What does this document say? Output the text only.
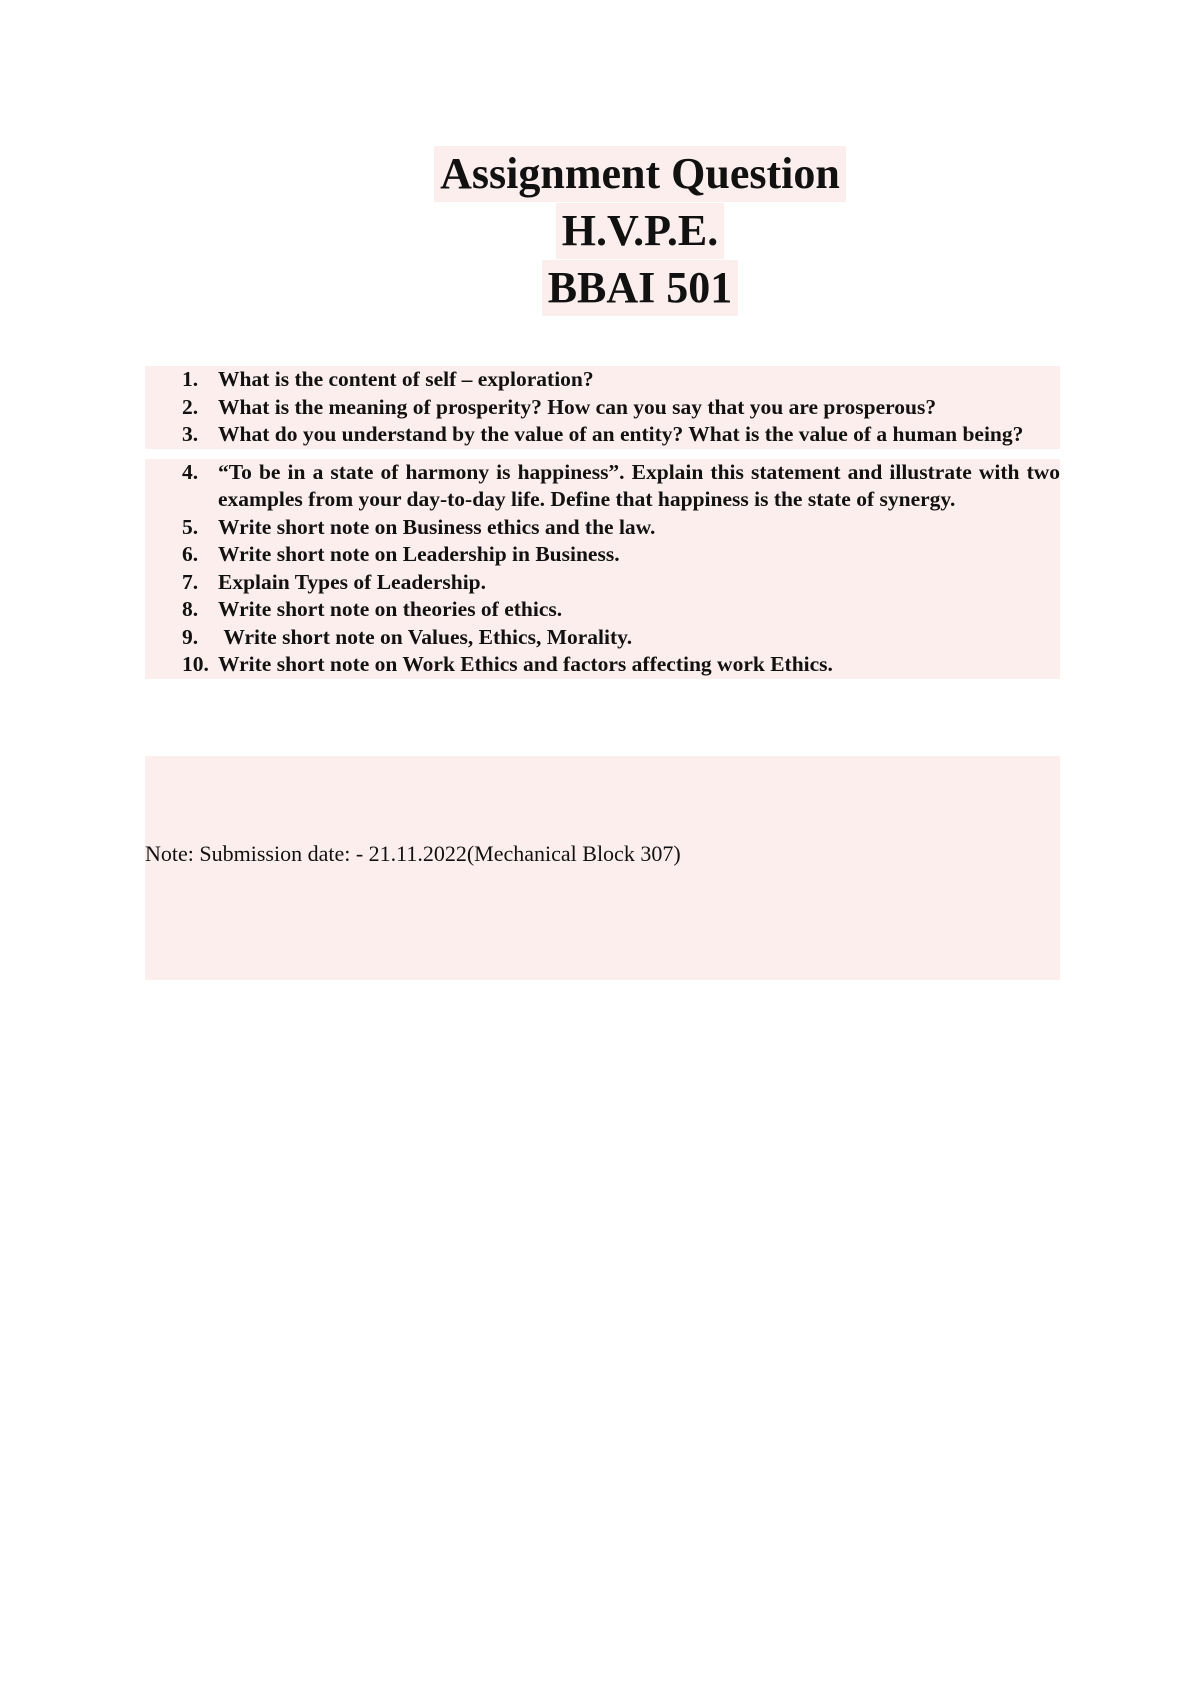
Assignment Question
H.V.P.E.
BBAI 501
1. What is the content of self – exploration?
2. What is the meaning of prosperity? How can you say that you are prosperous?
3. What do you understand by the value of an entity? What is the value of a human being?
4. “To be in a state of harmony is happiness”. Explain this statement and illustrate with two examples from your day-to-day life. Define that happiness is the state of synergy.
5. Write short note on Business ethics and the law.
6. Write short note on Leadership in Business.
7. Explain Types of Leadership.
8. Write short note on theories of ethics.
9. Write short note on Values, Ethics, Morality.
10. Write short note on Work Ethics and factors affecting work Ethics.
Note: Submission date: - 21.11.2022(Mechanical Block 307)
